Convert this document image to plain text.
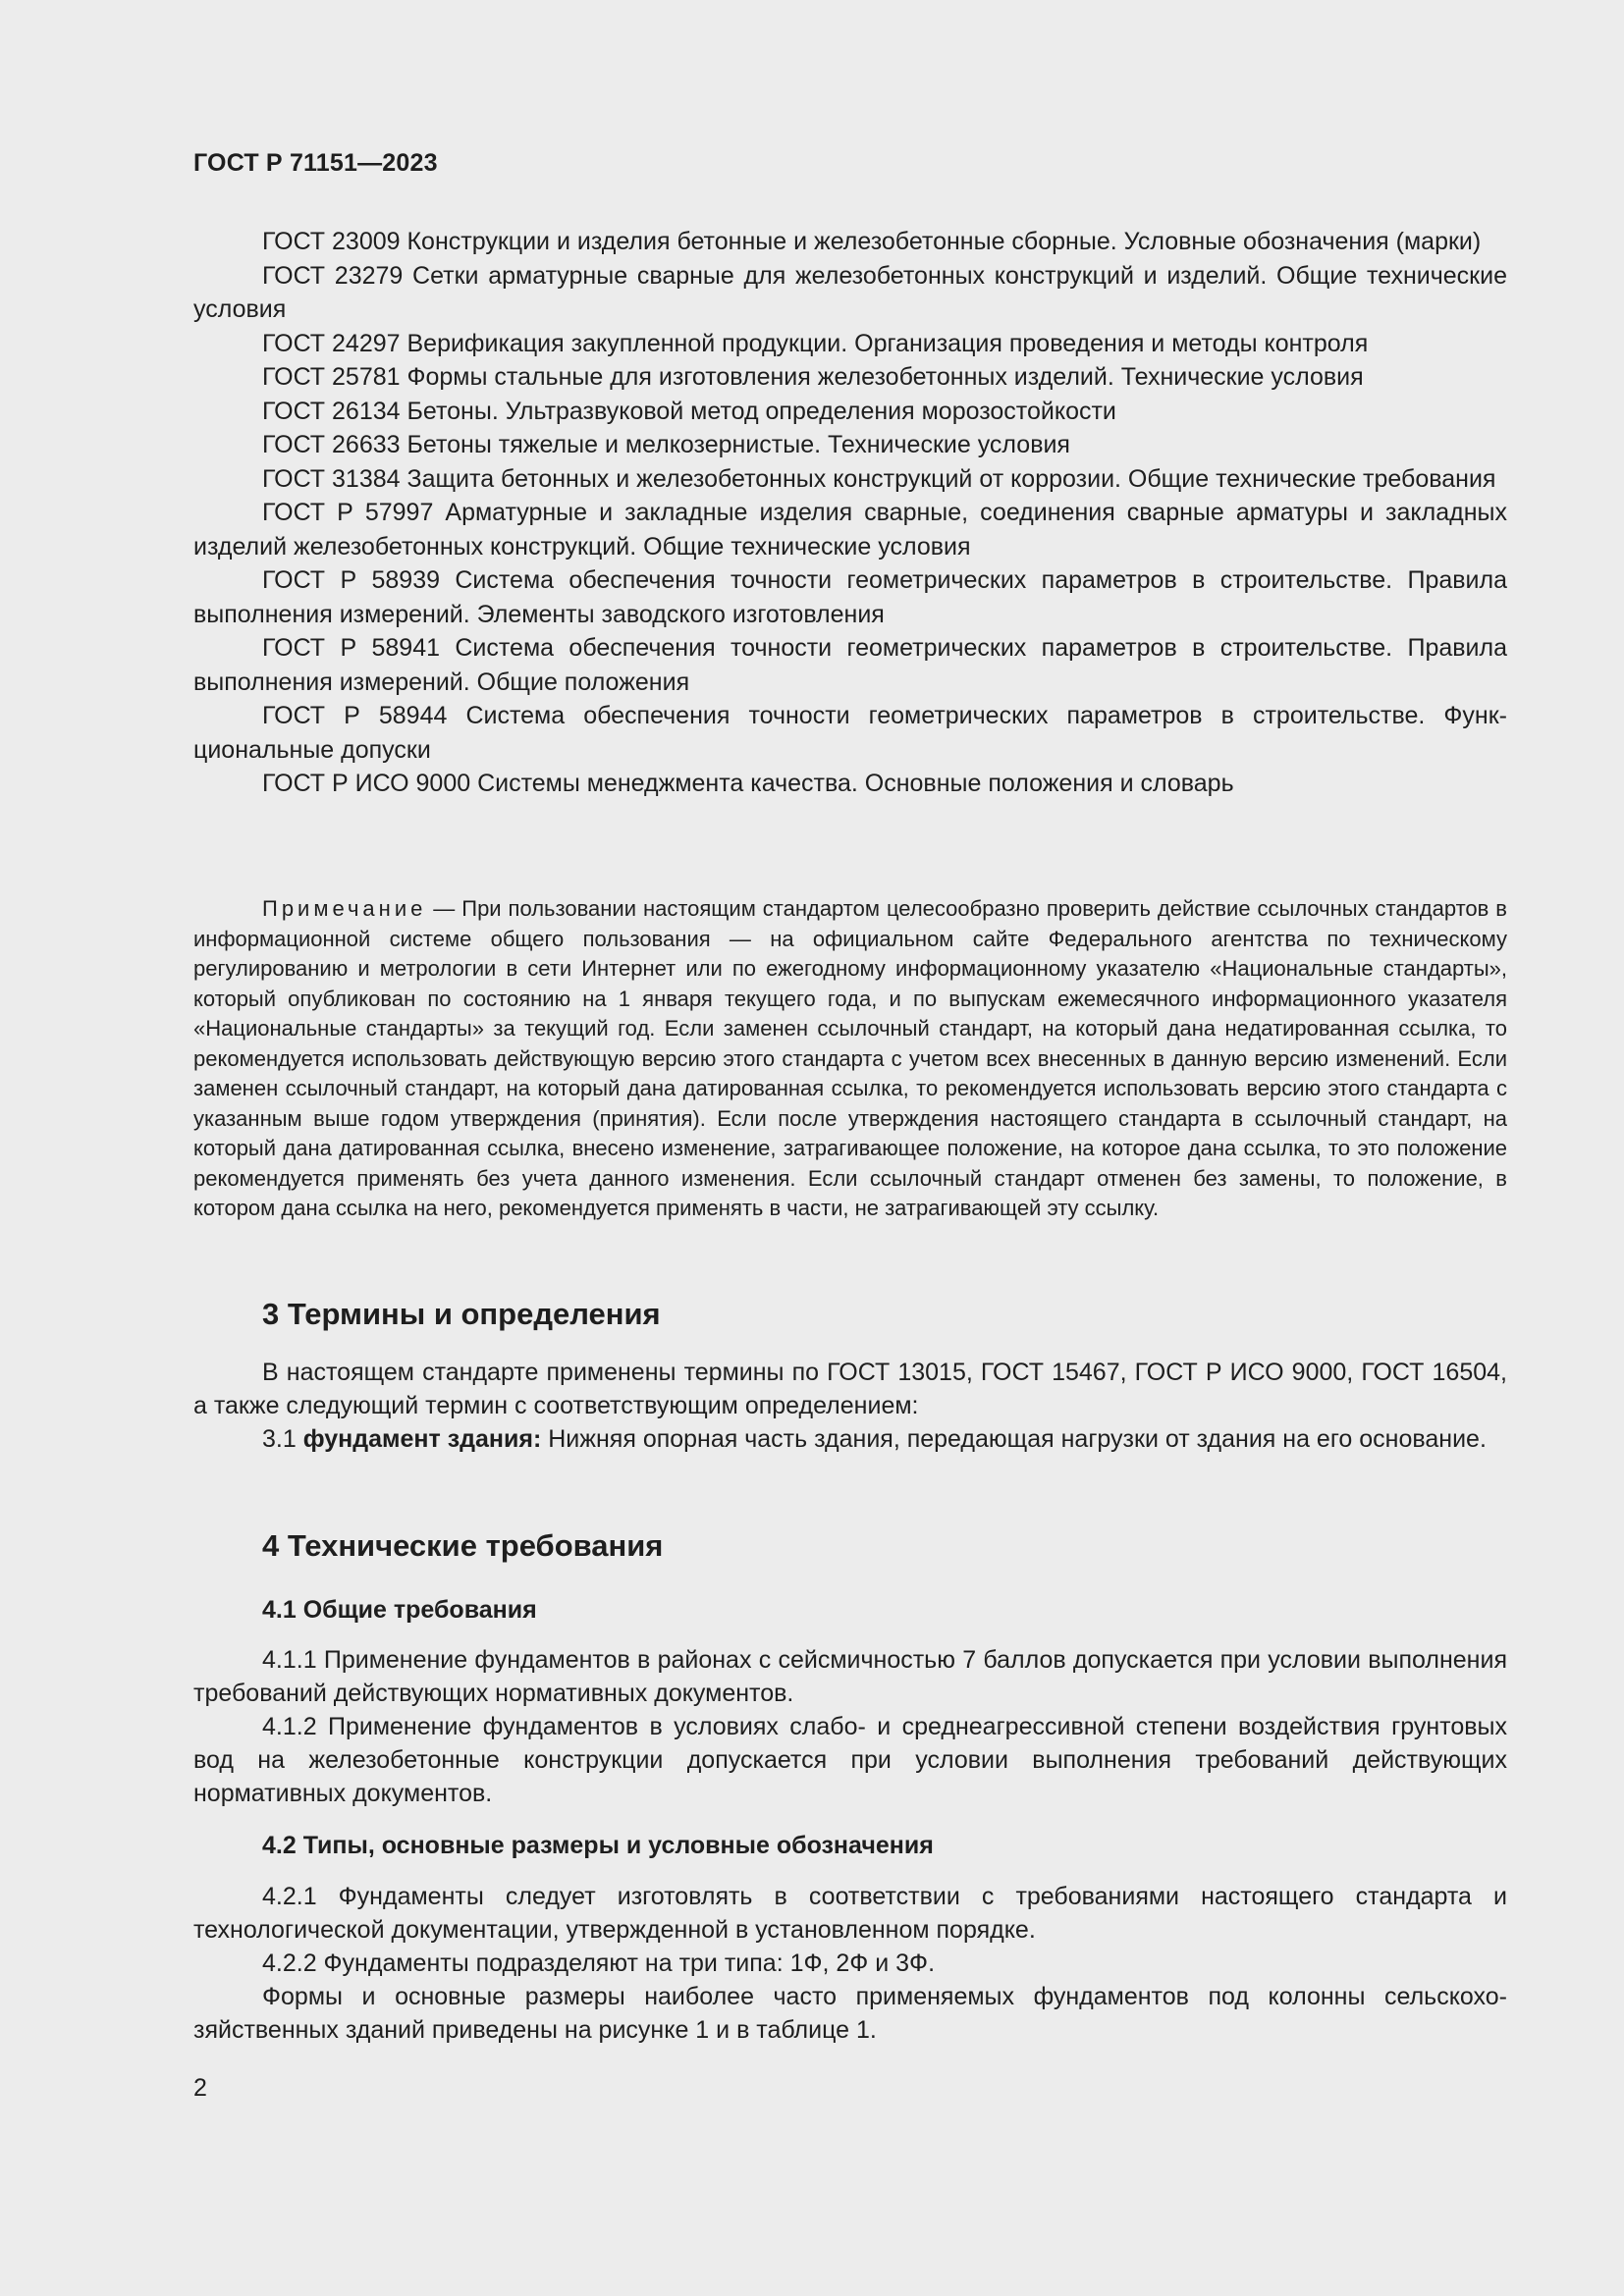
ГОСТ Р 71151—2023

ГОСТ 23009 Конструкции и изделия бетонные и железобетонные сборные. Условные обозначения (марки)

ГОСТ 23279 Сетки арматурные сварные для железобетонных конструкций и изделий. Общие технические условия

ГОСТ 24297 Верификация закупленной продукции. Организация проведения и методы контроля

ГОСТ 25781 Формы стальные для изготовления железобетонных изделий. Технические условия

ГОСТ 26134 Бетоны. Ультразвуковой метод определения морозостойкости

ГОСТ 26633 Бетоны тяжелые и мелкозернистые. Технические условия

ГОСТ 31384 Защита бетонных и железобетонных конструкций от коррозии. Общие технические требования

ГОСТ Р 57997 Арматурные и закладные изделия сварные, соединения сварные арматуры и закладных изделий железобетонных конструкций. Общие технические условия

ГОСТ Р 58939 Система обеспечения точности геометрических параметров в строительстве. Правила выполнения измерений. Элементы заводского изготовления

ГОСТ Р 58941 Система обеспечения точности геометрических параметров в строительстве. Правила выполнения измерений. Общие положения

ГОСТ Р 58944 Система обеспечения точности геометрических параметров в строительстве. Функциональные допуски

ГОСТ Р ИСО 9000 Системы менеджмента качества. Основные положения и словарь

Примечание — При пользовании настоящим стандартом целесообразно проверить действие ссылочных стандартов в информационной системе общего пользования — на официальном сайте Федерального агентства по техническому регулированию и метрологии в сети Интернет или по ежегодному информационному указателю «Национальные стандарты», который опубликован по состоянию на 1 января текущего года, и по выпускам ежемесячного информационного указателя «Национальные стандарты» за текущий год. Если заменен ссылочный стандарт, на который дана недатированная ссылка, то рекомендуется использовать действующую версию этого стандарта с учетом всех внесенных в данную версию изменений. Если заменен ссылочный стандарт, на который дана датированная ссылка, то рекомендуется использовать версию этого стандарта с указанным выше годом утверждения (принятия). Если после утверждения настоящего стандарта в ссылочный стандарт, на который дана датированная ссылка, внесено изменение, затрагивающее положение, на которое дана ссылка, то это положение рекомендуется применять без учета данного изменения. Если ссылочный стандарт отменен без замены, то положение, в котором дана ссылка на него, рекомендуется применять в части, не затрагивающей эту ссылку.
3 Термины и определения

В настоящем стандарте применены термины по ГОСТ 13015, ГОСТ 15467, ГОСТ Р ИСО 9000, ГОСТ 16504, а также следующий термин с соответствующим определением:

3.1 фундамент здания: Нижняя опорная часть здания, передающая нагрузки от здания на его основание.

4 Технические требования
4.1 Общие требования

4.1.1 Применение фундаментов в районах с сейсмичностью 7 баллов допускается при условии выполнения требований действующих нормативных документов.

4.1.2 Применение фундаментов в условиях слабо- и среднеагрессивной степени воздействия грунтовых вод на железобетонные конструкции допускается при условии выполнения требований действующих нормативных документов.

4.2 Типы, основные размеры и условные обозначения

4.2.1 Фундаменты следует изготовлять в соответствии с требованиями настоящего стандарта и технологической документации, утвержденной в установленном порядке.

4.2.2 Фундаменты подразделяют на три типа: 1Ф, 2Ф и 3Ф.

Формы и основные размеры наиболее часто применяемых фундаментов под колонны сельскохозяйственных зданий приведены на рисунке 1 и в таблице 1.

2
